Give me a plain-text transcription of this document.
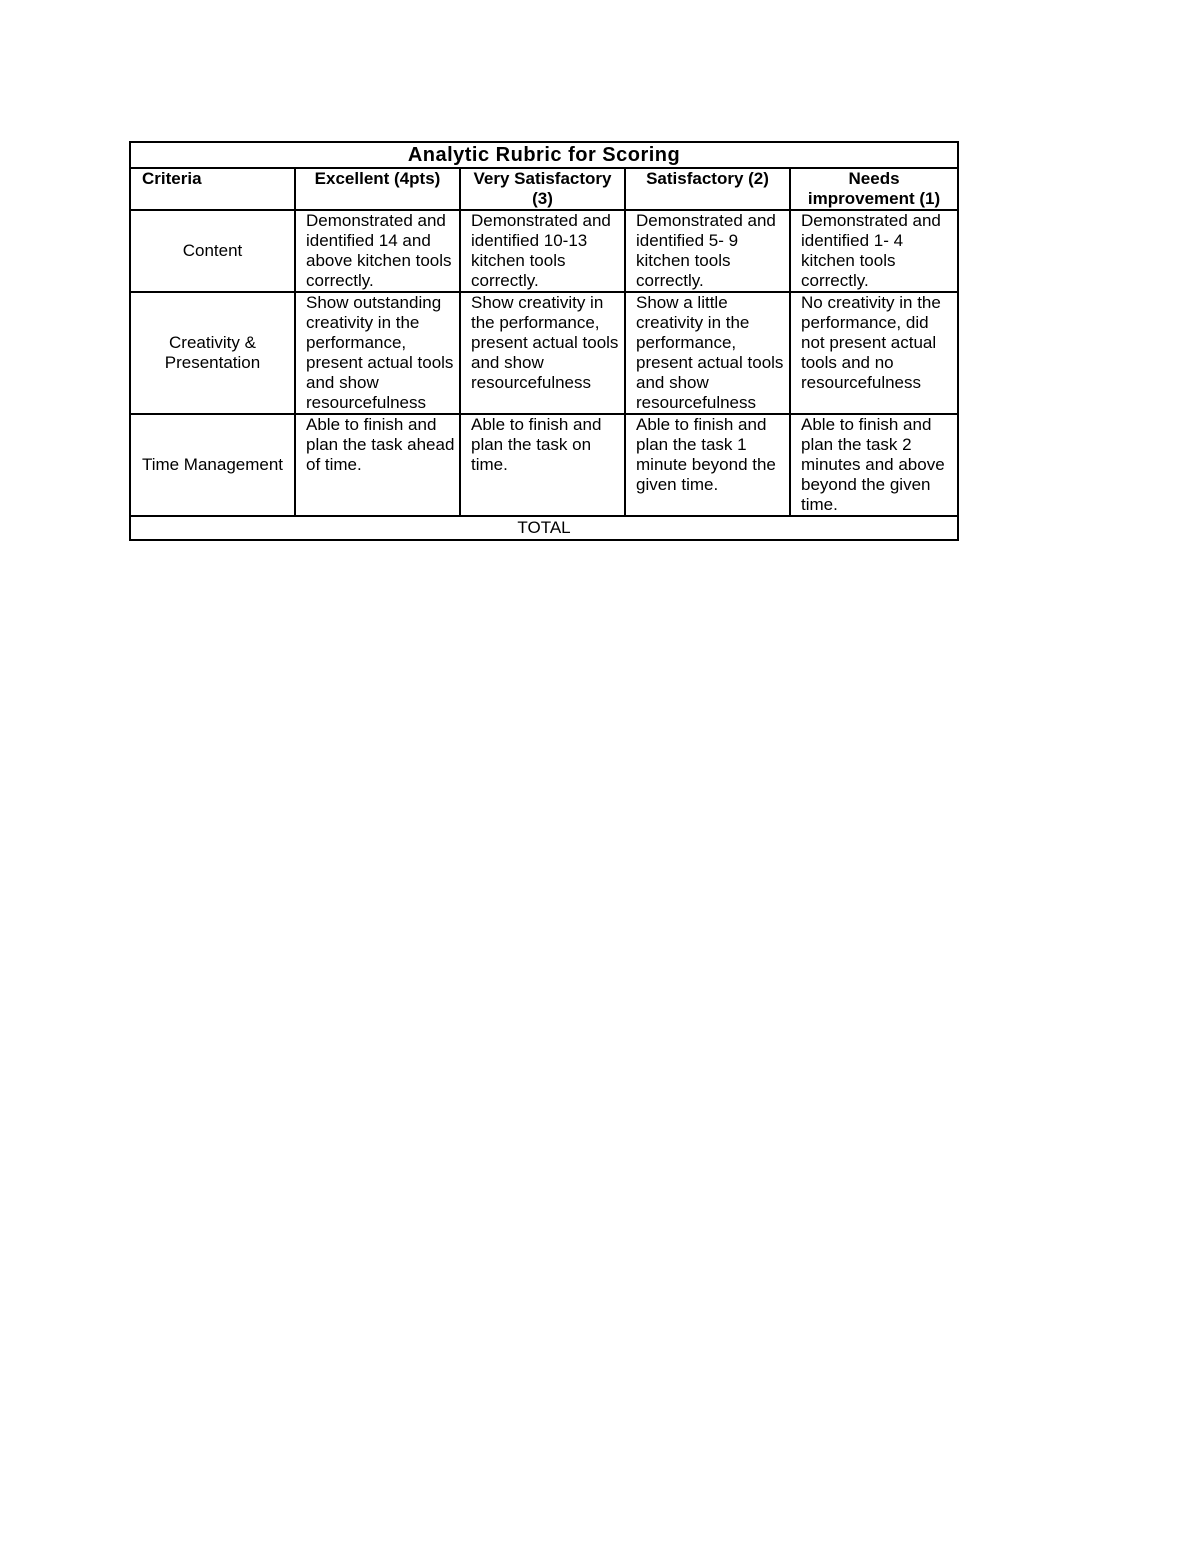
Analytic Rubric for Scoring				
Criteria	Excellent (4pts)	Very Satisfactory (3)	Satisfactory (2)	Needs improvement (1)
Content	Demonstrated and identified 14 and above kitchen tools correctly.	Demonstrated and identified 10-13 kitchen tools correctly.	Demonstrated and identified 5- 9 kitchen tools correctly.	Demonstrated and identified 1- 4 kitchen tools correctly.
Creativity & Presentation	Show outstanding creativity in the performance, present actual tools and show resourcefulness	Show creativity in the performance, present actual tools and show resourcefulness	Show a little creativity in the performance, present actual tools and show resourcefulness	No creativity in the performance, did not present actual tools and no resourcefulness
Time Management	Able to finish and plan the task ahead of time.	Able to finish and plan the task on time.	Able to finish and plan the task 1 minute beyond the given time.	Able to finish and plan the task 2 minutes and above beyond the given time.
TOTAL				
